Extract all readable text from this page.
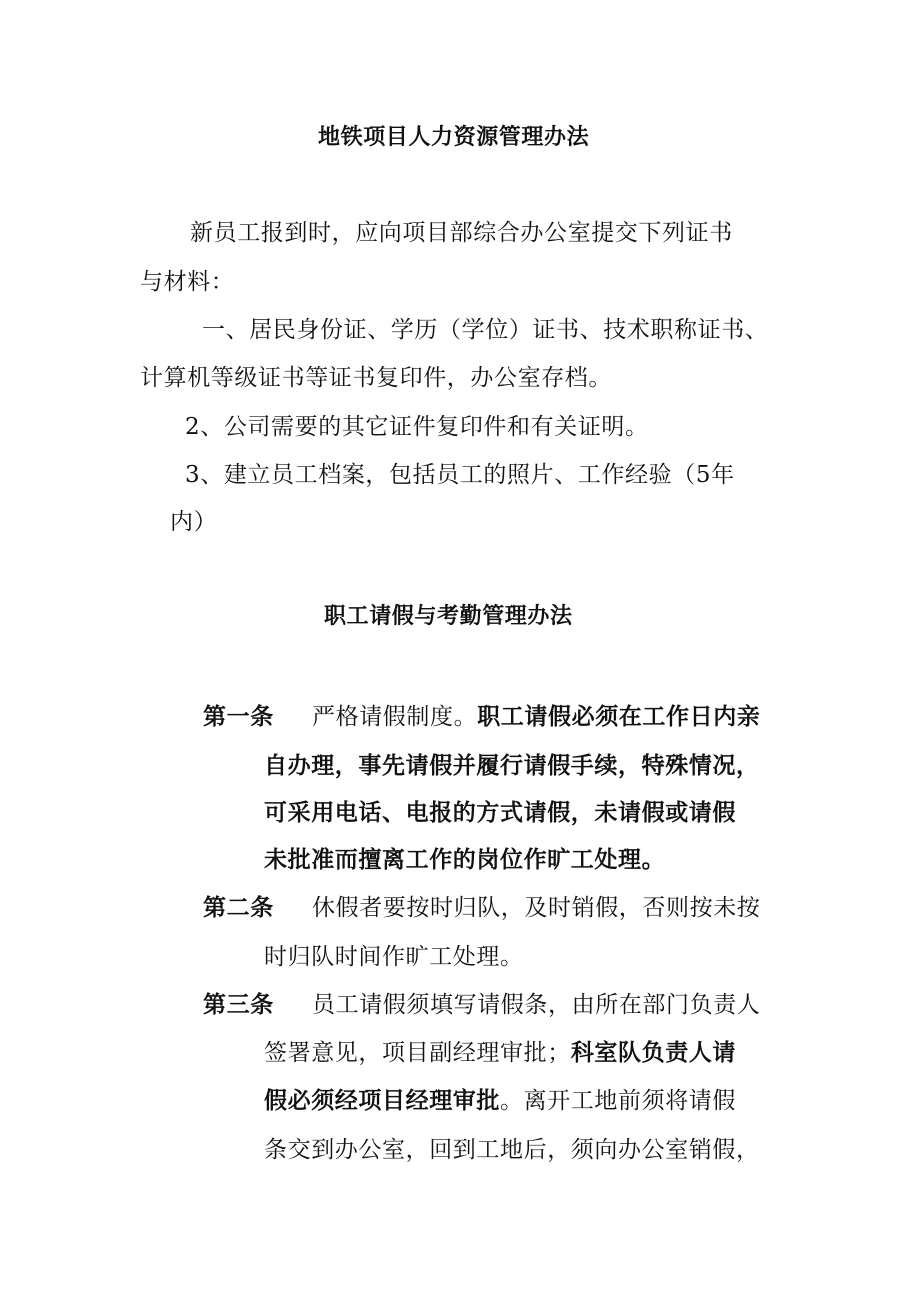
地铁项目人力资源管理办法
新员工报到时，应向项目部综合办公室提交下列证书
与材料：
一、居民身份证、学历（学位）证书、技术职称证书、
计算机等级证书等证书复印件，办公室存档。
2、公司需要的其它证件复印件和有关证明。
3、建立员工档案，包括员工的照片、工作经验（5年
内）
职工请假与考勤管理办法
第一条 严格请假制度。职工请假必须在工作日内亲
自办理，事先请假并履行请假手续，特殊情况，
可采用电话、电报的方式请假，未请假或请假
未批准而擅离工作的岗位作旷工处理。
第二条 休假者要按时归队，及时销假，否则按未按
时归队时间作旷工处理。
第三条 员工请假须填写请假条，由所在部门负责人
签署意见，项目副经理审批；科室队负责人请
假必须经项目经理审批。离开工地前须将请假
条交到办公室，回到工地后，须向办公室销假，
